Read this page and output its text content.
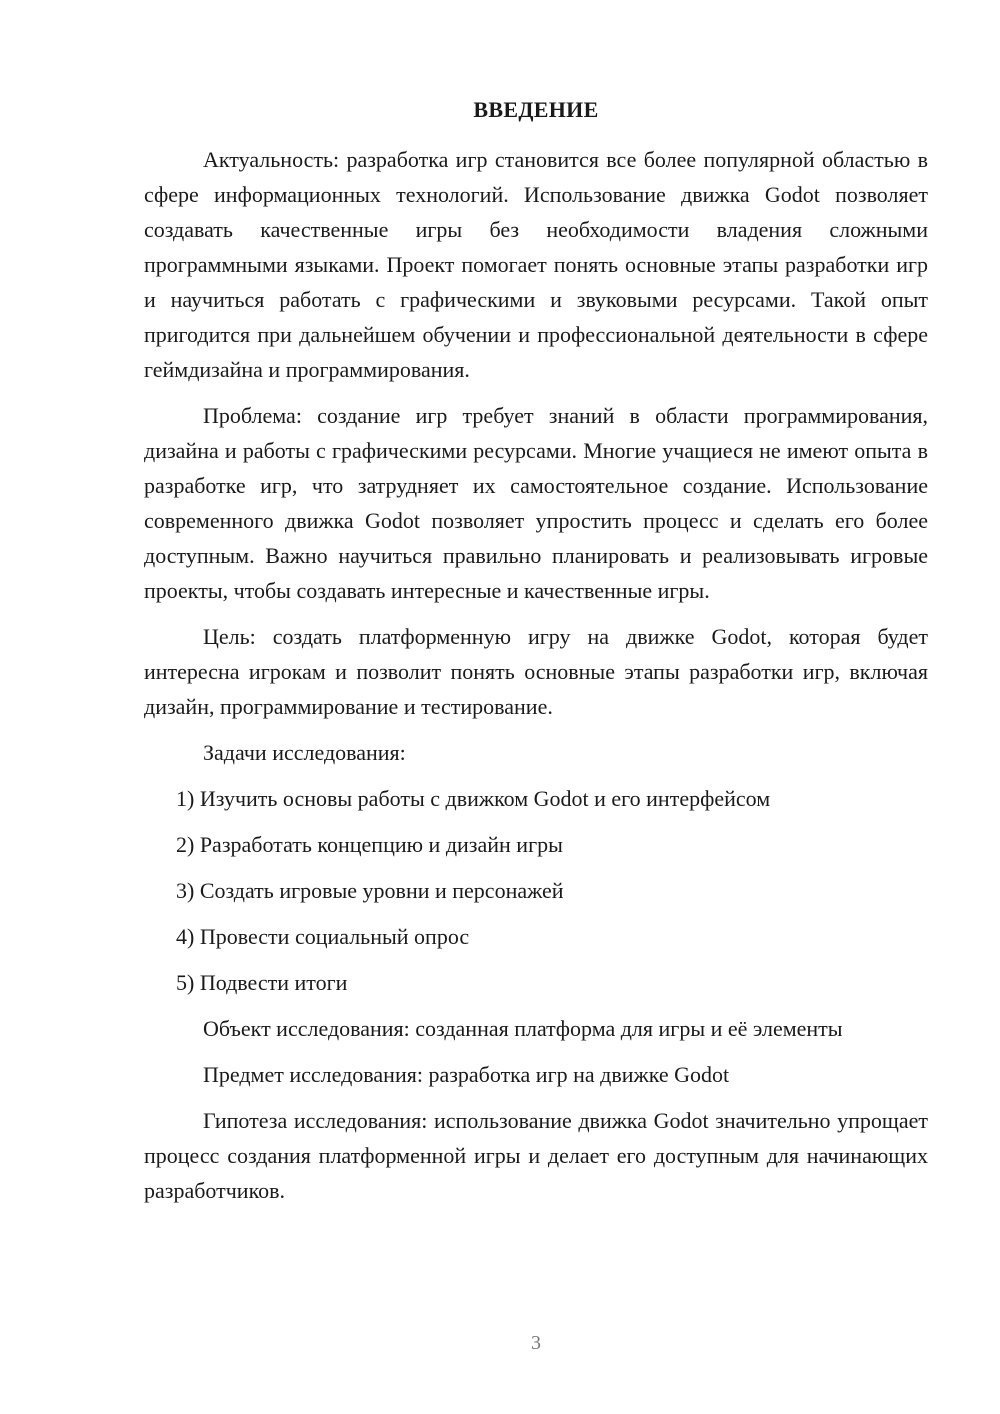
ВВЕДЕНИЕ

Актуальность: разработка игр становится все более популярной областью в сфере информационных технологий. Использование движка Godot позволяет создавать качественные игры без необходимости владения сложными программными языками. Проект помогает понять основные этапы разработки игр и научиться работать с графическими и звуковыми ресурсами. Такой опыт пригодится при дальнейшем обучении и профессиональной деятельности в сфере геймдизайна и программирования.

Проблема: создание игр требует знаний в области программирования, дизайна и работы с графическими ресурсами. Многие учащиеся не имеют опыта в разработке игр, что затрудняет их самостоятельное создание. Использование современного движка Godot позволяет упростить процесс и сделать его более доступным. Важно научиться правильно планировать и реализовывать игровые проекты, чтобы создавать интересные и качественные игры.

Цель: создать платформенную игру на движке Godot, которая будет интересна игрокам и позволит понять основные этапы разработки игр, включая дизайн, программирование и тестирование.

Задачи исследования:

1) Изучить основы работы с движком Godot и его интерфейсом
2) Разработать концепцию и дизайн игры
3) Создать игровые уровни и персонажей
4) Провести социальный опрос
5) Подвести итоги

Объект исследования: созданная платформа для игры и её элементы

Предмет исследования: разработка игр на движке Godot

Гипотеза исследования: использование движка Godot значительно упрощает процесс создания платформенной игры и делает его доступным для начинающих разработчиков.

3
